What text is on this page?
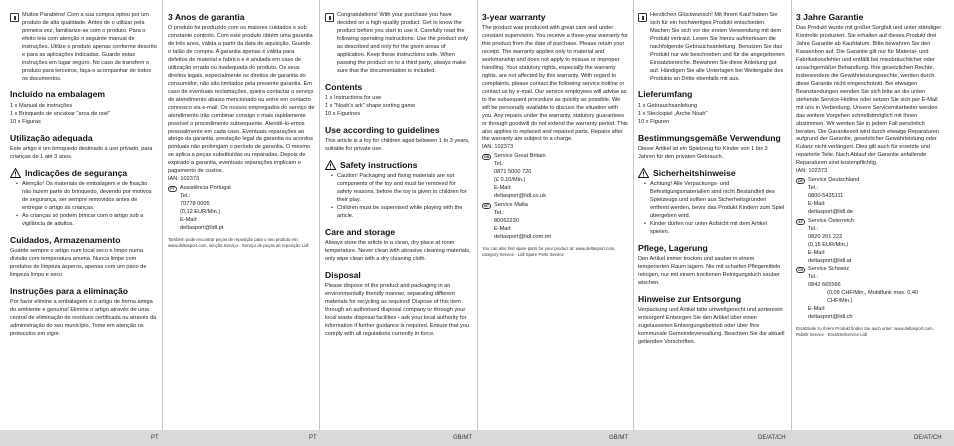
Muitos Parabéns! Com a sua compra optou por um produto de alta qualidade. Antes de o utilizar pela primeira vez, familiarize-se com o produto. Para o efeito leia com atenção o seguinte manual de instruções. Utilize o produto apenas conforme descrito e para as aplicações indicadas. Guarde estas instruções em lugar seguro. No caso de transferir o produto para terceiros, faça-o acompanhar de todos os documentos.

Incluído na embalagem

1 x Manual de instruções

1 x Brinquedo de encaixar "arca de noé"

10 x Figuras

Utilização adequada

Este artigo é um brinquedo destinado a uso privado, para crianças de 1 até 3 anos.

Indicações de segurança
• Atenção! Os materiais de embalagem e de fixação não fazem parte do brinquedo, devendo por motivos de segurança, ser sempre removidos antes de entregar o artigo às crianças.
• As crianças só podem brincar com o artigo sob a vigilância de adultos.
Cuidados, Armazenamento

Guarde sempre o artigo num local seco e limpo numa divisão com temperatura amena. Nunca limpe com produtos de limpeza ásperos, apenas com um pano de limpeza limpo e seco.

Instruções para a eliminação

Por favor elimine a embalagem e o artigo de forma amiga do ambiente e genuína! Elimine o artigo através de uma central de eliminação de resíduos certificada ou através da administração do seu município. Tome em atenção os protocolos em vigor.

3 Anos de garantia

O produto foi produzido com os maiores cuidados e sob constante controlo. Com este produto obtém uma garantia de três anos, válida a partir da data de aquisição. Guarde o talão de compra. A garantia apenas é válida para defeitos de material e fabrico e é anulada em caso de utilização errada ou inadequada do produto. Os seus direitos legais, especialmente os direitos de garantia do consumidor, não são limitados pela presente garantia. Em caso de eventuais reclamações, queira contactar o serviço de atendimento abaixo mencionado ou entre em contacto connosco via e-mail. Os nossos empregados do serviço de atendimento irão combinar consigo o mais rapidamente possível o procedimento subsequente. Atendê-lo-emos pessoalmente em cada caso. Eventuais reparações ao abrigo da garantia, prestação legal da garantia ou acordos pontuais não prolongam o período de garantia. O mesmo se aplica a peças substituídas ou reparadas. Depois de expirado a garantia, eventuais reparações implicam o pagamento de custos.

IAN: 102373

PT Assistência Portugal
Tel.:
70778 0005
(0,12 EUR/Min.)
E-Mail:
deltasport@lidl.pt

Também pode encontrar peças de reposição para o seu produto em: www.deltasport.com, secção Serviço - Serviço de peças de reposição Lidl

Congratulations! With your purchase you have decided on a high-quality product. Get to know the product before you start to use it. Carefully read the following operating instructions. Use the product only as described and only for the given areas of application. Keep these instructions safe. When passing the product on to a third party, always make sure that the documentation is included.

Contents

1 x Instructions for use

1 x "Noah's ark" shape sorting game

10 x Figurines

Use according to guidelines

This article is a toy for children aged between 1 to 3 years, suitable for private use.

Safety instructions
• Caution! Packaging and fixing materials are not components of the toy and must be removed for safety reasons, before the toy is given to children for their play.
• Children must be supervised while playing with the article.
Care and storage

Always store the article in a clean, dry place at room temperature. Never clean with abrasive cleaning materials, only wipe clean with a dry cleaning cloth.

Disposal

Please dispose of the product and packaging in an environmentally friendly manner, separating different materials for recycling as required! Dispose of this item through an authorised disposal company or through your local waste disposal facilities - ask your local authority for information if further guidance is required. Ensure that you comply with all regulations currently in force.

3-year warranty

The product was produced with great care and under constant supervision. You receive a three-year warranty for this product from the date of purchase. Please retain your receipt. The warranty applies only to material and workmanship and does not apply to misuse or improper handling. Your statutory rights, especially the warranty rights, are not affected by this warranty. With regard to complaints, please contact the following service hotline or contact us by e-mail. Our service employees will advise as to the subsequent procedure as quickly as possible. We will be personally available to discuss the situation with you. Any repairs under the warranty, statutory guarantees or through goodwill do not extend the warranty period. This also applies to replaced and repaired parts. Repairs after the warranty are subject to a charge.

IAN: 102373

GB Service Great Britain
Tel.:
0871 5000 720
(£ 0.10/Min.)
E-Mail:
deltasport@lidl.co.uk
MT Service Malta
Tel.:
80062230
E-Mail:
deltasport@lidl.com.mt

You can also find spare parts for your product at: www.deltasport.com, category Service - Lidl Spare Parts Service

Herzlichen Glückwunsch! Mit Ihrem Kauf haben Sie sich für ein hochwertiges Produkt entschieden. Machen Sie sich vor der ersten Verwendung mit dem Produkt vertraut. Lesen Sie hierzu aufmerksam die nachfolgende Gebrauchsanleitung. Benutzen Sie das Produkt nur wie beschrieben und für die angegebenen Einsatzbereiche. Bewahren Sie diese Anleitung gut auf. Händigen Sie alle Unterlagen bei Weitergabe des Produkts an Dritte ebenfalls mit aus.

Lieferumfang

1 x Gebrauchsanleitung

1 x Steckspiel „Arche Noah"

10 x Figuren

Bestimmungsgemäße Verwendung

Dieser Artikel ist ein Spielzeug für Kinder von 1 bis 3 Jahren für den privaten Gebrauch.

Sicherheitshinweise
• Achtung! Alle Verpackungs- und Befestigungsmaterialien sind nicht Bestandteil des Spielzeugs und sollten aus Sicherheitsgründen entfernt werden, bevor das Produkt Kindern zum Spiel übergeben wird.
• Kinder dürfen nur unter Aufsicht mit dem Artikel spielen.
Pflege, Lagerung

Den Artikel immer trocken und sauber in einem temperierten Raum lagern. Nie mit scharfen Pflegemitteln reinigen, nur mit einem trockenen Reinigungstuch sauber wischen.

Hinweise zur Entsorgung

Verpackung und Artikel bitte umweltgerecht und sortenrein entsorgen! Entsorgen Sie den Artikel über einen zugelassenen Entsorgungsbetrieb oder über Ihre kommunale Gemeindeverwaltung. Beachten Sie die aktuell geltenden Vorschriften.

3 Jahre Garantie

Das Produkt wurde mit großer Sorgfalt und unter ständiger Kontrolle produziert. Sie erhalten auf dieses Produkt drei Jahre Garantie ab Kaufdatum. Bitte bewahren Sie den Kassenbon auf. Die Garantie gilt nur für Material- und Fabrikationsfehler und entfällt bei missbräuchlicher oder unsachgemäßer Behandlung. Ihre gesetzlichen Rechte, insbesondere die Gewährleistungsrechte, werden durch diese Garantie nicht eingeschränkt. Bei etwaigen Beanstandungen wenden Sie sich bitte an die unten stehende Service-Hotline oder setzen Sie sich per E-Mail mit uns in Verbindung. Unsere Servicemitarbeiter werden das weitere Vorgehen schnellstmöglich mit Ihnen abstimmen. Wir werden Sie in jedem Fall persönlich beraten. Die Garantiezeit wird durch etwaige Reparaturen aufgrund der Garantie, gesetzlicher Gewährleistung oder Kulanz nicht verlängert. Dies gilt auch für ersetzte und reparierte Teile. Nach Ablauf der Garantie anfallende Reparaturen sind kostenpflichtig.

IAN: 102373

DE Service Deutschland
Tel.:
0800-5435111
E-Mail:
deltasport@lidl.de
AT Service Österreich
Tel.:
0820 201 222
(0,15 EUR/Min.)
E-Mail:
deltasport@lidl.at
CH Service Schweiz
Tel.:
0842 665566
(0,08 CHF/Min., Mobilfunk max. 0,40 CHF/Min.)
E-Mail:
deltasport@lidl.ch

Ersatzteile zu Ihrem Produkt finden Sie auch unter: www.deltasport.com, Rubrik Service - Ersatzteilservice Lidl

PT	PT	GB/MT	GB/MT	DE/AT/CH	DE/AT/CH
